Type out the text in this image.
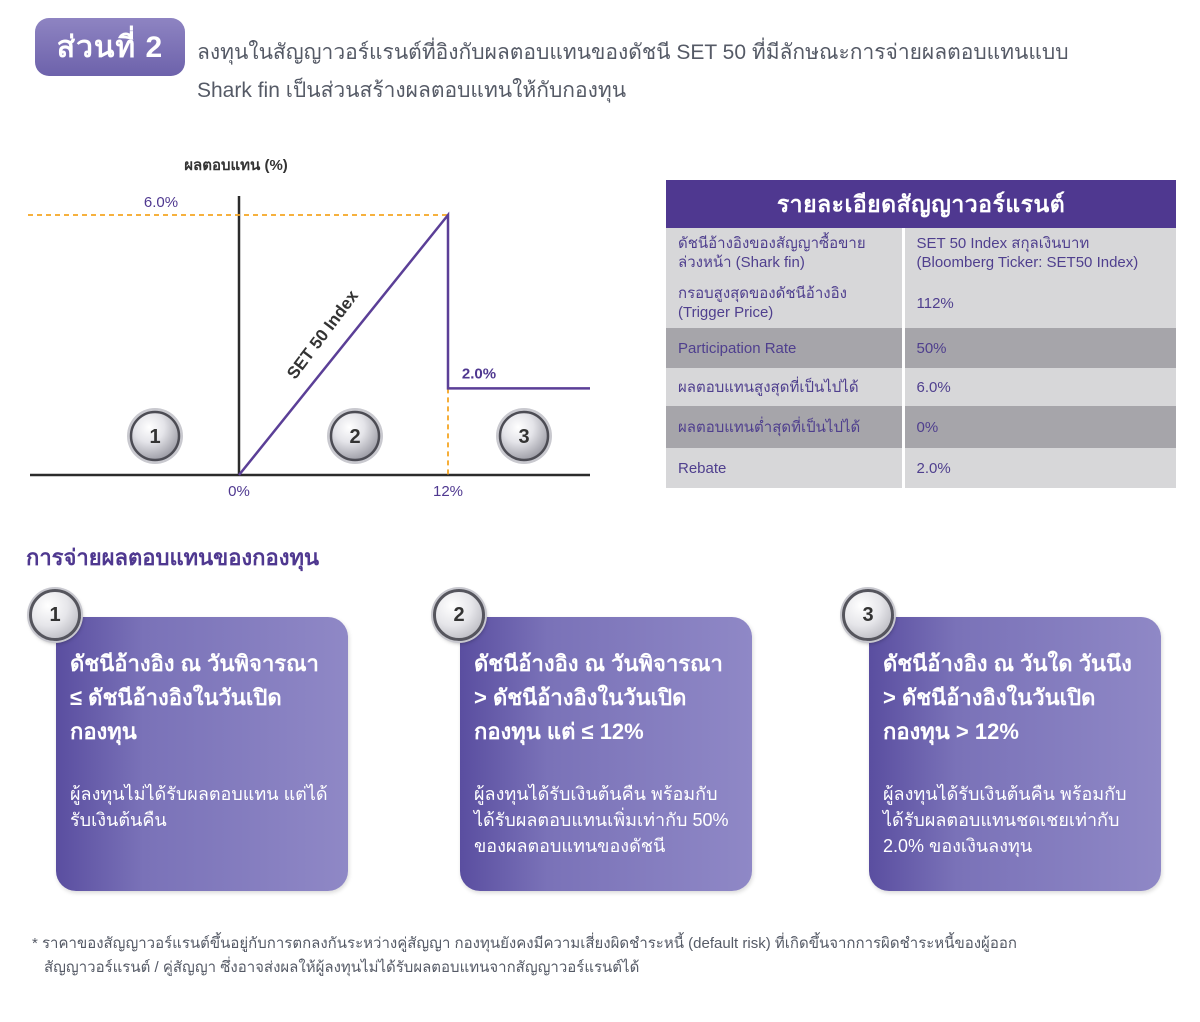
ส่วนที่ 2 ลงทุนในสัญญาวอร์แรนต์ที่อิงกับผลตอบแทนของดัชนี SET 50 ที่มีลักษณะการจ่ายผลตอบแทนแบบ
Shark fin เป็นส่วนสร้างผลตอบแทนให้กับกองทุน
ผลตอบแทน (%)
6.0%
2.0%
0%	12%
SET 50 Index
1	2	3
รายละเอียดสัญญาวอร์แรนต์	
ดัชนีอ้างอิงของสัญญาซื้อขายล่วงหน้า (Shark fin)	SET 50 Index สกุลเงินบาท (Bloomberg Ticker: SET50 Index)
กรอบสูงสุดของดัชนีอ้างอิง (Trigger Price)	112%
Participation Rate	50%
ผลตอบแทนสูงสุดที่เป็นไปได้	6.0%
ผลตอบแทนต่ำสุดที่เป็นไปได้	0%
Rebate	2.0%
การจ่ายผลตอบแทนของกองทุน
ดัชนีอ้างอิง ณ วันพิจารณา ≤ ดัชนีอ้างอิงในวันเปิดกองทุน
ผู้ลงทุนไม่ได้รับผลตอบแทน แต่ได้รับเงินต้นคืน
1
ดัชนีอ้างอิง ณ วันพิจารณา > ดัชนีอ้างอิงในวันเปิดกองทุน แต่ ≤ 12%
ผู้ลงทุนได้รับเงินต้นคืน พร้อมกับได้รับผลตอบแทนเพิ่มเท่ากับ 50% ของผลตอบแทนของดัชนี
2
ดัชนีอ้างอิง ณ วันใด วันนึง > ดัชนีอ้างอิงในวันเปิดกองทุน > 12%
ผู้ลงทุนได้รับเงินต้นคืน พร้อมกับได้รับผลตอบแทนชดเชยเท่ากับ 2.0% ของเงินลงทุน
3
* ราคาของสัญญาวอร์แรนต์ขึ้นอยู่กับการตกลงกันระหว่างคู่สัญญา กองทุนยังคงมีความเสี่ยงผิดชำระหนี้ (default risk) ที่เกิดขึ้นจากการผิดชำระหนี้ของผู้ออก
สัญญาวอร์แรนต์ / คู่สัญญา ซึ่งอาจส่งผลให้ผู้ลงทุนไม่ได้รับผลตอบแทนจากสัญญาวอร์แรนต์ได้
